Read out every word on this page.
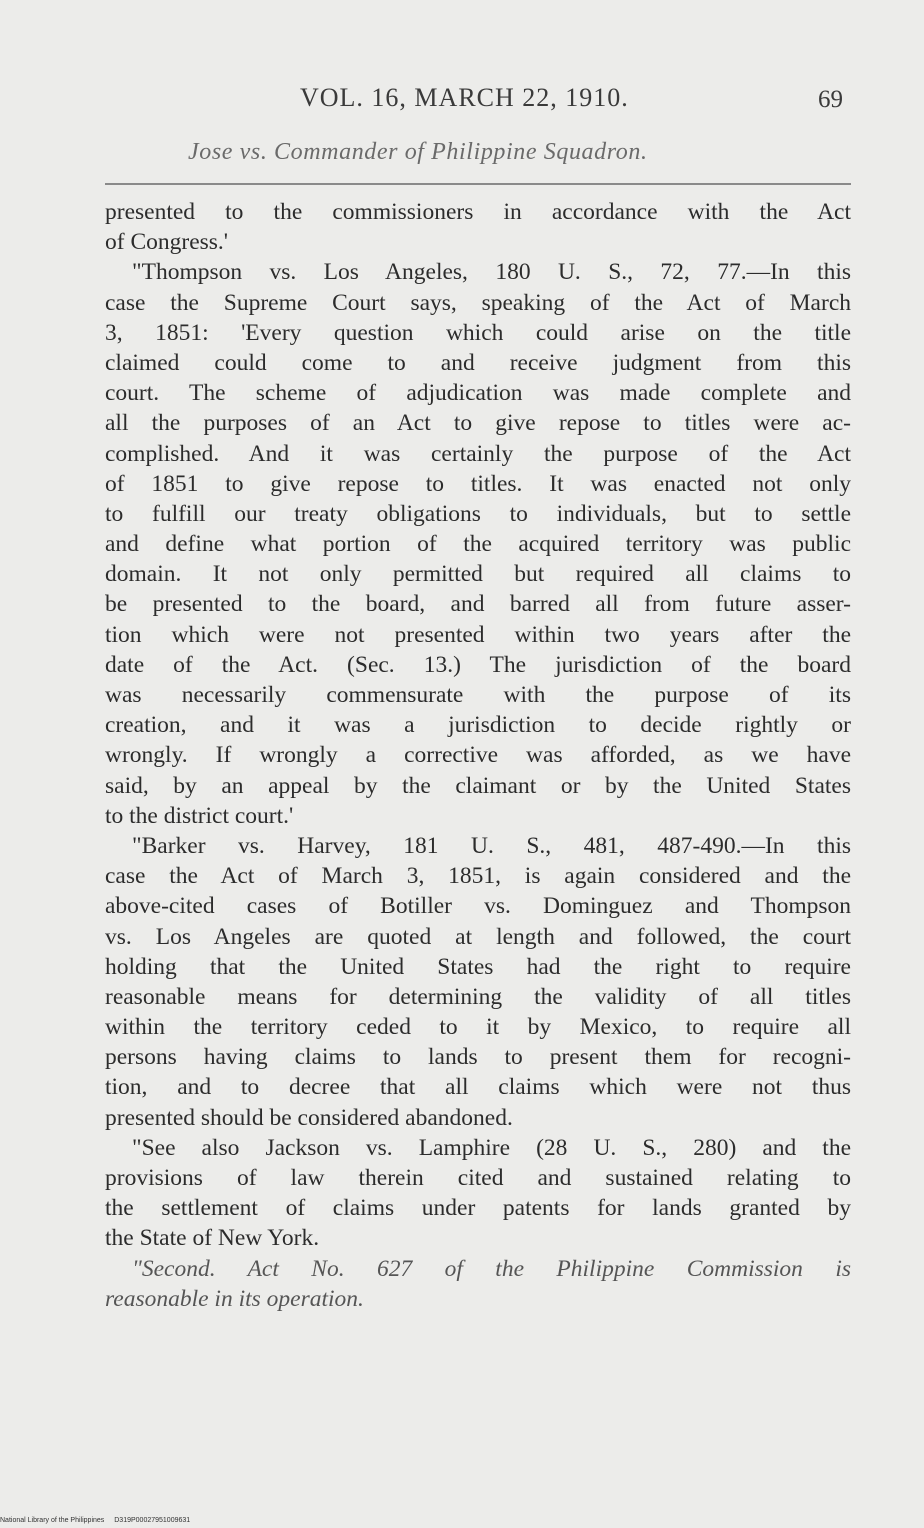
VOL. 16, MARCH 22, 1910.	69
Jose vs. Commander of Philippine Squadron.
presented to the commissioners in accordance with the Act
of Congress.'
"Thompson vs. Los Angeles, 180 U. S., 72, 77.—In this
case the Supreme Court says, speaking of the Act of March
3, 1851: 'Every question which could arise on the title
claimed could come to and receive judgment from this
court. The scheme of adjudication was made complete and
all the purposes of an Act to give repose to titles were ac-
complished. And it was certainly the purpose of the Act
of 1851 to give repose to titles. It was enacted not only
to fulfill our treaty obligations to individuals, but to settle
and define what portion of the acquired territory was public
domain. It not only permitted but required all claims to
be presented to the board, and barred all from future asser-
tion which were not presented within two years after the
date of the Act. (Sec. 13.) The jurisdiction of the board
was necessarily commensurate with the purpose of its
creation, and it was a jurisdiction to decide rightly or
wrongly. If wrongly a corrective was afforded, as we have
said, by an appeal by the claimant or by the United States
to the district court.'
"Barker vs. Harvey, 181 U. S., 481, 487-490.—In this
case the Act of March 3, 1851, is again considered and the
above-cited cases of Botiller vs. Dominguez and Thompson
vs. Los Angeles are quoted at length and followed, the court
holding that the United States had the right to require
reasonable means for determining the validity of all titles
within the territory ceded to it by Mexico, to require all
persons having claims to lands to present them for recogni-
tion, and to decree that all claims which were not thus
presented should be considered abandoned.
"See also Jackson vs. Lamphire (28 U. S., 280) and the
provisions of law therein cited and sustained relating to
the settlement of claims under patents for lands granted by
the State of New York.
"Second. Act No. 627 of the Philippine Commission is
reasonable in its operation.
National Library of the Philippines D319P00027951009631
